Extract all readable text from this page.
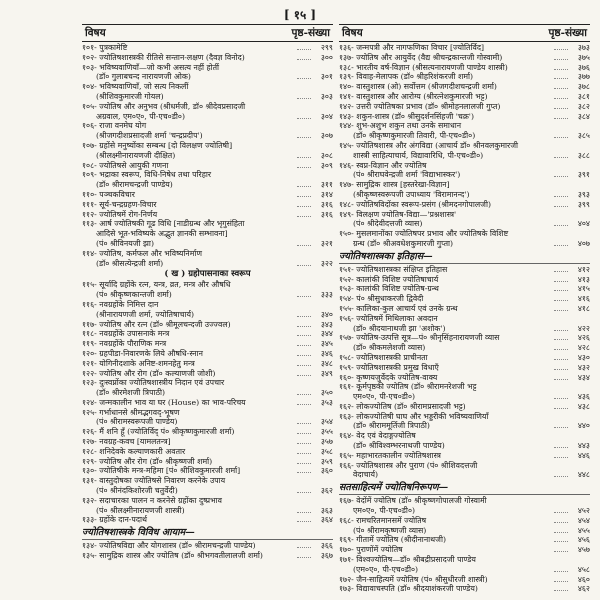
[ १५ ]
विषय	पृष्ठ-संख्या
१०१- पुत्रकामेष्टि	२९९
१०२- ज्योतिषशास्त्रकी रीतिसे सन्तान-लक्षण (दैवज्ञ विनोद)	३००
१०३- भविष्यवाणियाँ—जो कभी असत्य नहीं होतीं
(डॉ० गुलाबचन्द नारायणजी ओक)	३०१
१०४- भविष्यवाणियाँ, जो सत्य निकलीं
(श्रीशिवकुमारजी गोयल)	३०३
१०५- ज्योतिष और अनुभव (श्रीधर्मजी, डॉ० श्रीदेवप्रसादजी
अग्रवाल, एम०ए०, पी-एच०डी०)	३०४
१०६- राजा वनमेघ योग
(श्रीजगदीशप्रसादजी शर्मा 'चन्द्रप्रदीप')	३०७
१०७- ग्रहोंसे मनुष्योंका सम्बन्ध [दो विलक्षण ज्योतिषी]
(श्रीलक्ष्मीनारायणजी दीक्षित)	३०८
१०८- ज्योतिषसे आयुकी गणना	३०९
१०९- भद्राका स्वरूप, विधि-निषेध तथा परिहार
(डॉ० श्रीरामचन्द्रजी पाण्डेय)	३११
११०- पञ्चकविचार	३१४
१११- सूर्य-चन्द्रग्रहण-विचार	३१६
११२- ज्योतिषमें रोग-निर्णय	३१६
११३- आर्ष ज्योतिषकी गूढ विधि [नाडीग्रन्थ और भृगुसंहिता
आदिसे भूत-भविष्यके अद्भुत ज्ञानकी सम्भावना]
(पं० श्रीविनयजी झा)	३२१
११४- ज्योतिष, कर्मफल और भविष्यनिर्माण
(डॉ० श्रीसत्येन्द्रजी शर्मा)	३२२
( ख ) ग्रहोपासनाका स्वरूप
११५- सूर्यादि ग्रहोंके रत्न, यन्त्र, व्रत, मन्त्र और औषधि
(पं० श्रीकृष्णकान्तजी शर्मा)	३३३
११६- नवग्रहोंके निमित्त दान
(श्रीनारायणजी शर्मा, ज्योतिषाचार्य)	३४०
११७- ज्योतिष और रत्न (डॉ० श्रीमूलचन्दजी उज्ज्वल)	३४३
११८- नवग्रहोंके उपासनाके मन्त्र	३४४
११९- नवग्रहोंके पौराणिक मन्त्र	३४५
१२०- ग्रहपीडा-निवारणके लिये औषधि-स्नान	३४६
१२१- योगिनीदशाके अनिष्ट-शमनहेतु मन्त्र	३४८
१२२- ज्योतिष और रोग (डॉ० कल्याणजी जोशी)	३४९
१२३- दुःस्वप्नोंका ज्योतिषशास्त्रीय निदान एवं उपचार
(डॉ० श्रीरमेशजी त्रिपाठी)	३५०
१२४- जन्मकालीन भाव या घर (House) का भाव-परिचय	३५३
१२५- गर्भाधानसे श्रीमद्भगवद्-भूषण
(पं० श्रीरामस्वरूपजी पाण्डेय)	३५४
१२६- मैं शनि हूँ (ज्योतिर्विद् पं० श्रीकृष्णकुमारजी शर्मा)	३५५
१२७- नवग्रह-कवच [यामलतन्त्र]	३५७
१२८- शनिदेवके कल्याणकारी अवतार	३५८
१२९- ज्योतिष और रोग (डॉ० श्रीकृष्णजी शर्मा)	३५९
१३०- ज्योतिषीके मन्त्र-महिमा [पं० श्रीशिवकुमारजी शर्मा]	३६०
१३१- वास्तुदोषका ज्योतिषसे निवारण करनेके उपाय
(पं० श्रीनंदकिशोरजी चतुर्वेदी)	३६२
१३२- सदाचारका पालन न करनेसे ग्रहोंका दुष्प्रभाव
(पं० श्रीलक्ष्मीनारायणजी शास्त्री)	३६३
१३३- ग्रहोंके दान-पदार्थ	३६४
ज्योतिषशास्त्रके विविध आयाम—
१३४- ज्योतिषविद्या और योगशास्त्र (डॉ० श्रीरामचन्द्रजी पाण्डेय)	३६६
१३५- सामुद्रिक शास्त्र और ज्योतिष (डॉ० श्रीभगवतीलालजी शर्मा)	३६७
विषय	पृष्ठ-संख्या
१३६- जन्मपत्री और नागफणिका विचार [ज्योतिर्विद]	३७३
१३७- ज्योतिष और आयुर्वेद (वैद्य श्रीचन्द्रकान्तजी गोस्वामी)	३७५
१३८- भारतीय वर्ष-विज्ञान (श्रीसत्यनारायणजी पाण्डेय शास्त्री)	३७६
१३९- विवाह-मेलापक (डॉ० श्रीहरिशंकरजी शर्मा)	३७७
१४०- वास्तुशास्त्र (ओ) सर्वोत्तम (श्रीजगदीशचन्द्रजी शर्मा)	३७८
१४१- वास्तुशास्त्र और आरोग्य (श्रीरत्नेशकुमारजी भट्ट)	३८१
१४२- उत्तरी ज्योतिषका प्रभाव (डॉ० श्रीमोहनलालजी गुप्त)	३८२
१४३- शकुन-शास्त्र (डॉ० श्रीसुदर्शनसिंहजी 'चक्र')	३८४
१४४- शुभ-अशुभ शकुन तथा उनके समाधान
(डॉ० श्रीकृष्णकुमारजी तिवारी, पी-एच०डी०)	३८५
१४५- ज्योतिषशास्त्र और अंगविद्या (आचार्य डॉ० श्रीनवलकुमारजी
शास्त्री साहित्याचार्य, विद्यावारिधि, पी-एच०डी०)	३८८
१४६- स्वप्न-विज्ञान और ज्योतिष
(पं० श्रीराघवेन्द्रजी शर्मा 'विद्याभास्कर')	३९१
१४७- सामुद्रिक शास्त्र [हस्तरेखा-विज्ञान]
(श्रीकृष्णस्वरूपजी उपाध्याय 'विरामानन्द')	३९३
१४८- ज्योतिषविदोंका स्वरूप-प्रसंग (श्रीमदनगोपालजी)	३९९
१४९- विलक्षण ज्योतिष-विद्या—'प्रश्नशास्त्र'
(पं० श्रीदेवीदत्तजी व्यास)	४०४
१५०- मुसलमानोंका ज्योतिषपर प्रभाव और ज्योतिषके विशिष्ट
ग्रन्थ (डॉ० श्रीअवधेशकुमारजी गुप्ता)	४०७
ज्योतिषशास्त्रका इतिहास—
१५१- ज्योतिषशास्त्रका संक्षिप्त इतिहास	४१२
१५२- कालांकी विशिष्ट ज्योतिषाचार्य	४१३
१५३- कालांकी विशिष्ट ज्योतिष-ग्रन्थ	४१५
१५४- पं० श्रीसुधाकरजी द्विवेदी	४१६
१५५- कालिका-कुल आचार्य एवं उनके ग्रन्थ	४१८
१५६- ज्योतिषमें मिथिलाका अवदान
(डॉ० श्रीदयानाथजी झा 'अशोक')	४२२
१५७- ज्योतिष-उत्पत्ति सूत्र—पं० श्रीनृसिंहनारायणजी व्यास	४२६
(डॉ० श्रीकमलेशजी व्यास)	४२८
१५८- ज्योतिषशास्त्रकी प्राचीनता	४३०
१५९- ज्योतिषशास्त्रकी प्रमुख विधाएँ	४३२
१६०- कृष्णयजुर्वेदके ज्योतिष-वाक्य	४३४
१६१- कूर्मपृष्ठकी ज्योतिष (डॉ० श्रीरामनरेशजी भट्ट
एम०ए०, पी-एच०डी०)	४३६
१६२- लोकज्योतिष (डॉ० श्रीरामप्रसादजी भट्ट)	४३८
१६३- लोकज्योतिषी घाघ और भड्डरीकी भविष्यवाणियाँ
(डॉ० श्रीराममूर्तिजी त्रिपाठी)	४४०
१६४- वेद एवं वेदाङ्गज्योतिष
(डॉ० श्रीविश्वम्भरनाथजी पाण्डेय)	४४३
१६५- महाभारतकालीन ज्योतिषशास्त्र	४४६
१६६- ज्योतिषशास्त्र और पुराण (पं० श्रीशिवदत्तजी
वेदाचार्य)	४४८
सतसाहित्यमें ज्योतिषनिरूपण—
१६७- वेदोंमें ज्योतिष (डॉ० श्रीकृष्णगोपालजी गोस्वामी
एम०ए०, पी-एच०डी०)	४५२
१६८- रामचरितमानसमें ज्योतिष	४५४
(पं० श्रीरामकृष्णजी व्यास)	४५५
१६९- गीतामें ज्योतिष (श्रीदीनानाथजी)	४५६
१७०- पुराणोंमें ज्योतिष	४५७
१७१- विश्वज्योतिष—डॉ० श्रीबद्रीप्रसादजी पाण्डेय
(एम०ए०, पी-एच०डी०)	४५८
१७२- जैन-साहित्यमें ज्योतिष (पं० श्रीसुधीरजी शास्त्री)	४६०
१७३- विद्यावाचस्पति (डॉ० श्रीदयाशंकरजी पाण्डेय)	४६२
